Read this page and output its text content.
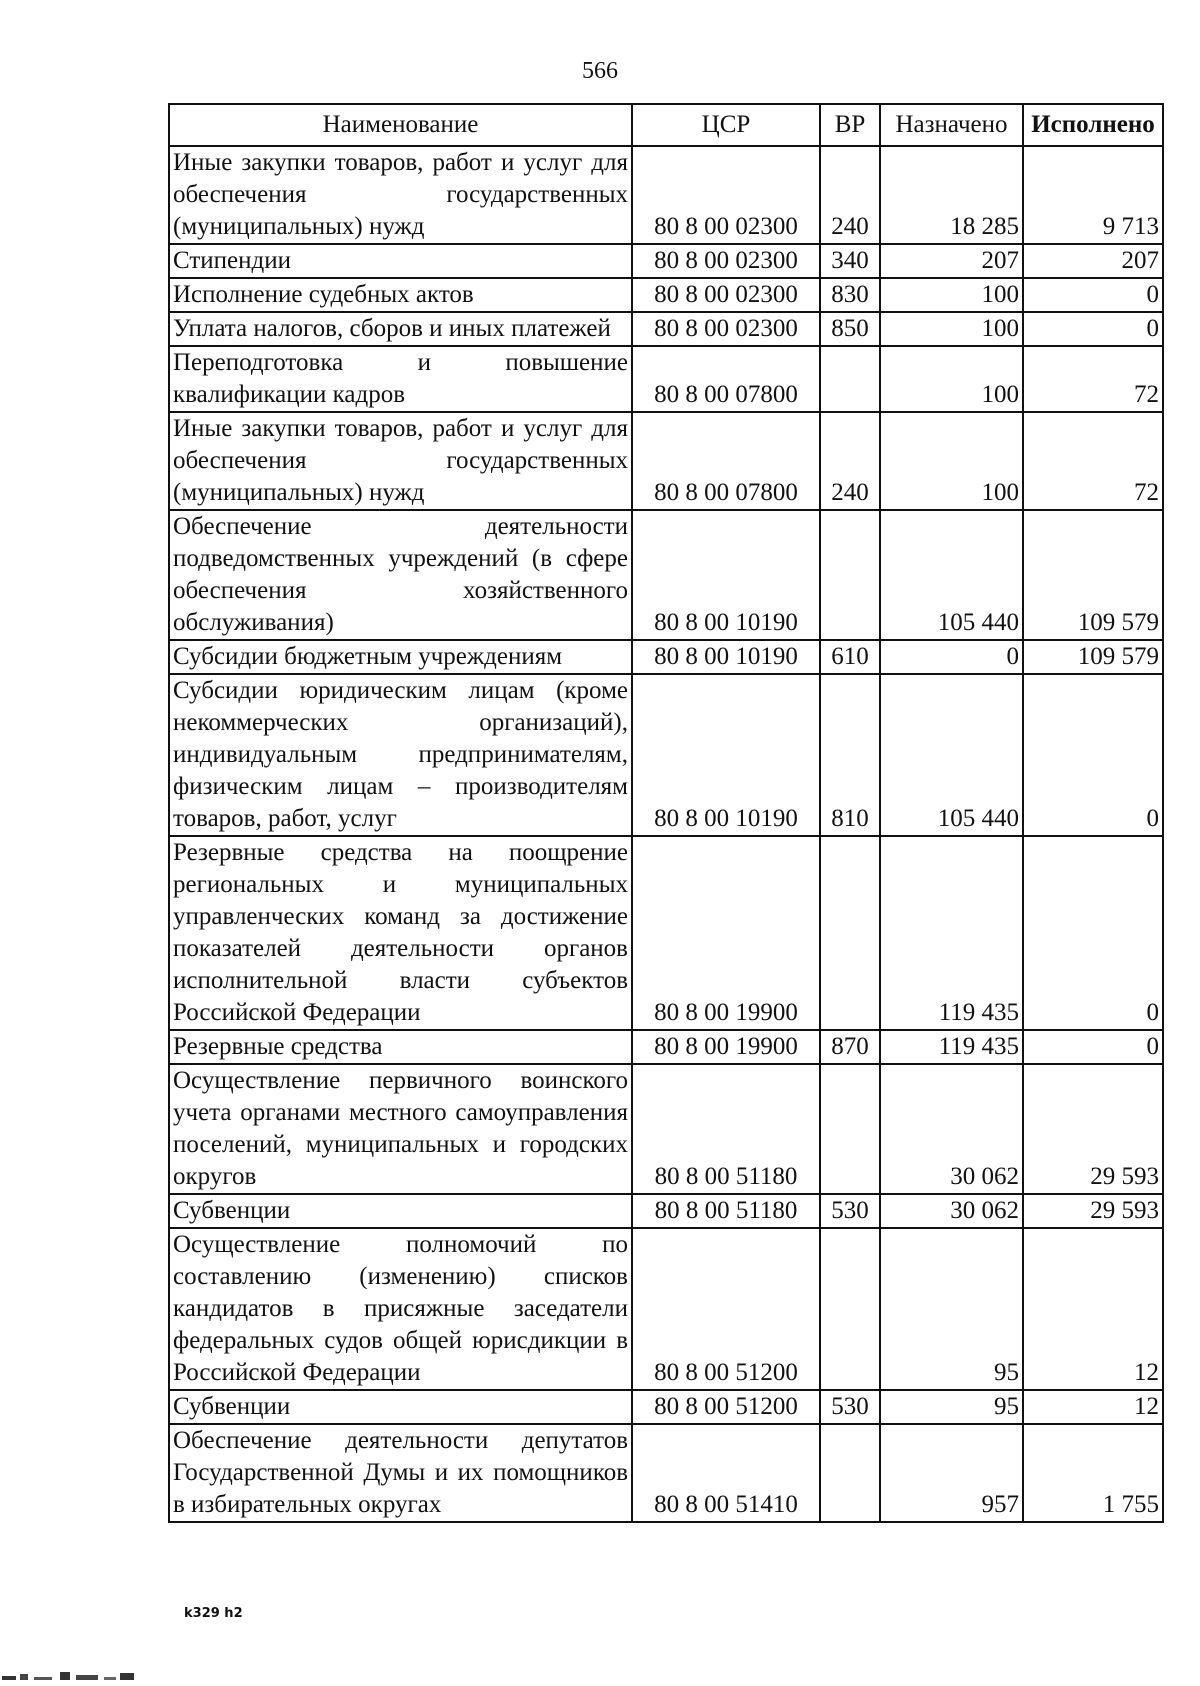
566
Наименование	ЦСР	ВР	Назначено	Исполнено
Иные закупки товаров, работ и услуг для обеспечения государственных (муниципальных) нужд	80 8 00 02300	240	18 285	9 713
Стипендии	80 8 00 02300	340	207	207
Исполнение судебных актов	80 8 00 02300	830	100	0
Уплата налогов, сборов и иных платежей	80 8 00 02300	850	100	0
Переподготовка и повышение квалификации кадров	80 8 00 07800		100	72
Иные закупки товаров, работ и услуг для обеспечения государственных (муниципальных) нужд	80 8 00 07800	240	100	72
Обеспечение деятельности подведомственных учреждений (в сфере обеспечения хозяйственного обслуживания)	80 8 00 10190		105 440	109 579
Субсидии бюджетным учреждениям	80 8 00 10190	610	0	109 579
Субсидии юридическим лицам (кроме некоммерческих организаций), индивидуальным предпринимателям, физическим лицам – производителям товаров, работ, услуг	80 8 00 10190	810	105 440	0
Резервные средства на поощрение региональных и муниципальных управленческих команд за достижение показателей деятельности органов исполнительной власти субъектов Российской Федерации	80 8 00 19900		119 435	0
Резервные средства	80 8 00 19900	870	119 435	0
Осуществление первичного воинского учета органами местного самоуправления поселений, муниципальных и городских округов	80 8 00 51180		30 062	29 593
Субвенции	80 8 00 51180	530	30 062	29 593
Осуществление полномочий по составлению (изменению) списков кандидатов в присяжные заседатели федеральных судов общей юрисдикции в Российской Федерации	80 8 00 51200		95	12
Субвенции	80 8 00 51200	530	95	12
Обеспечение деятельности депутатов Государственной Думы и их помощников в избирательных округах	80 8 00 51410		957	1 755
k329 h2
